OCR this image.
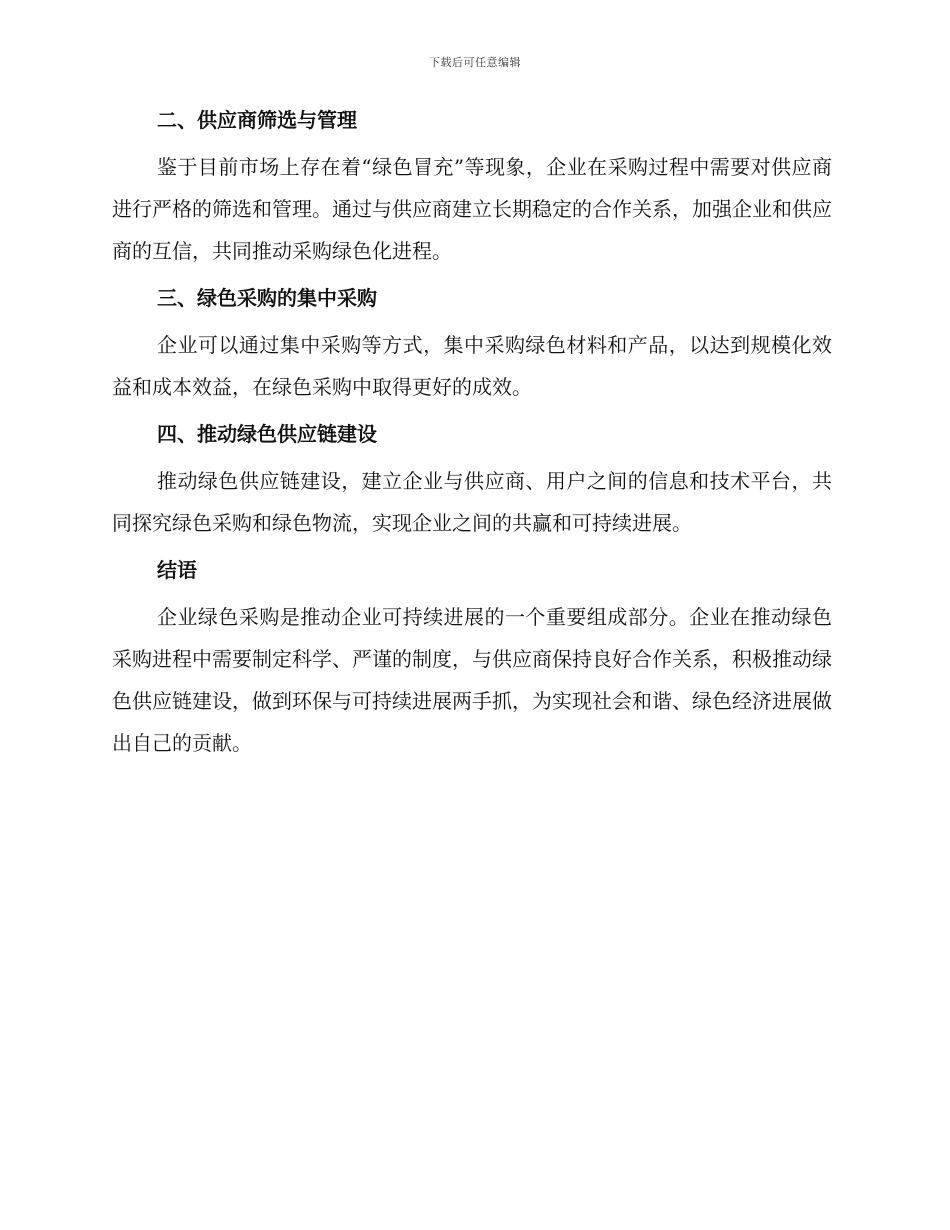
下载后可任意编辑
二、供应商筛选与管理

鉴于目前市场上存在着“绿色冒充”等现象，企业在采购过程中需要对供应商进行严格的筛选和管理。通过与供应商建立长期稳定的合作关系，加强企业和供应商的互信，共同推动采购绿色化进程。

三、绿色采购的集中采购

企业可以通过集中采购等方式，集中采购绿色材料和产品，以达到规模化效益和成本效益，在绿色采购中取得更好的成效。

四、推动绿色供应链建设

推动绿色供应链建设，建立企业与供应商、用户之间的信息和技术平台，共同探究绿色采购和绿色物流，实现企业之间的共赢和可持续进展。

结语

企业绿色采购是推动企业可持续进展的一个重要组成部分。企业在推动绿色采购进程中需要制定科学、严谨的制度，与供应商保持良好合作关系，积极推动绿色供应链建设，做到环保与可持续进展两手抓，为实现社会和谐、绿色经济进展做出自己的贡献。
